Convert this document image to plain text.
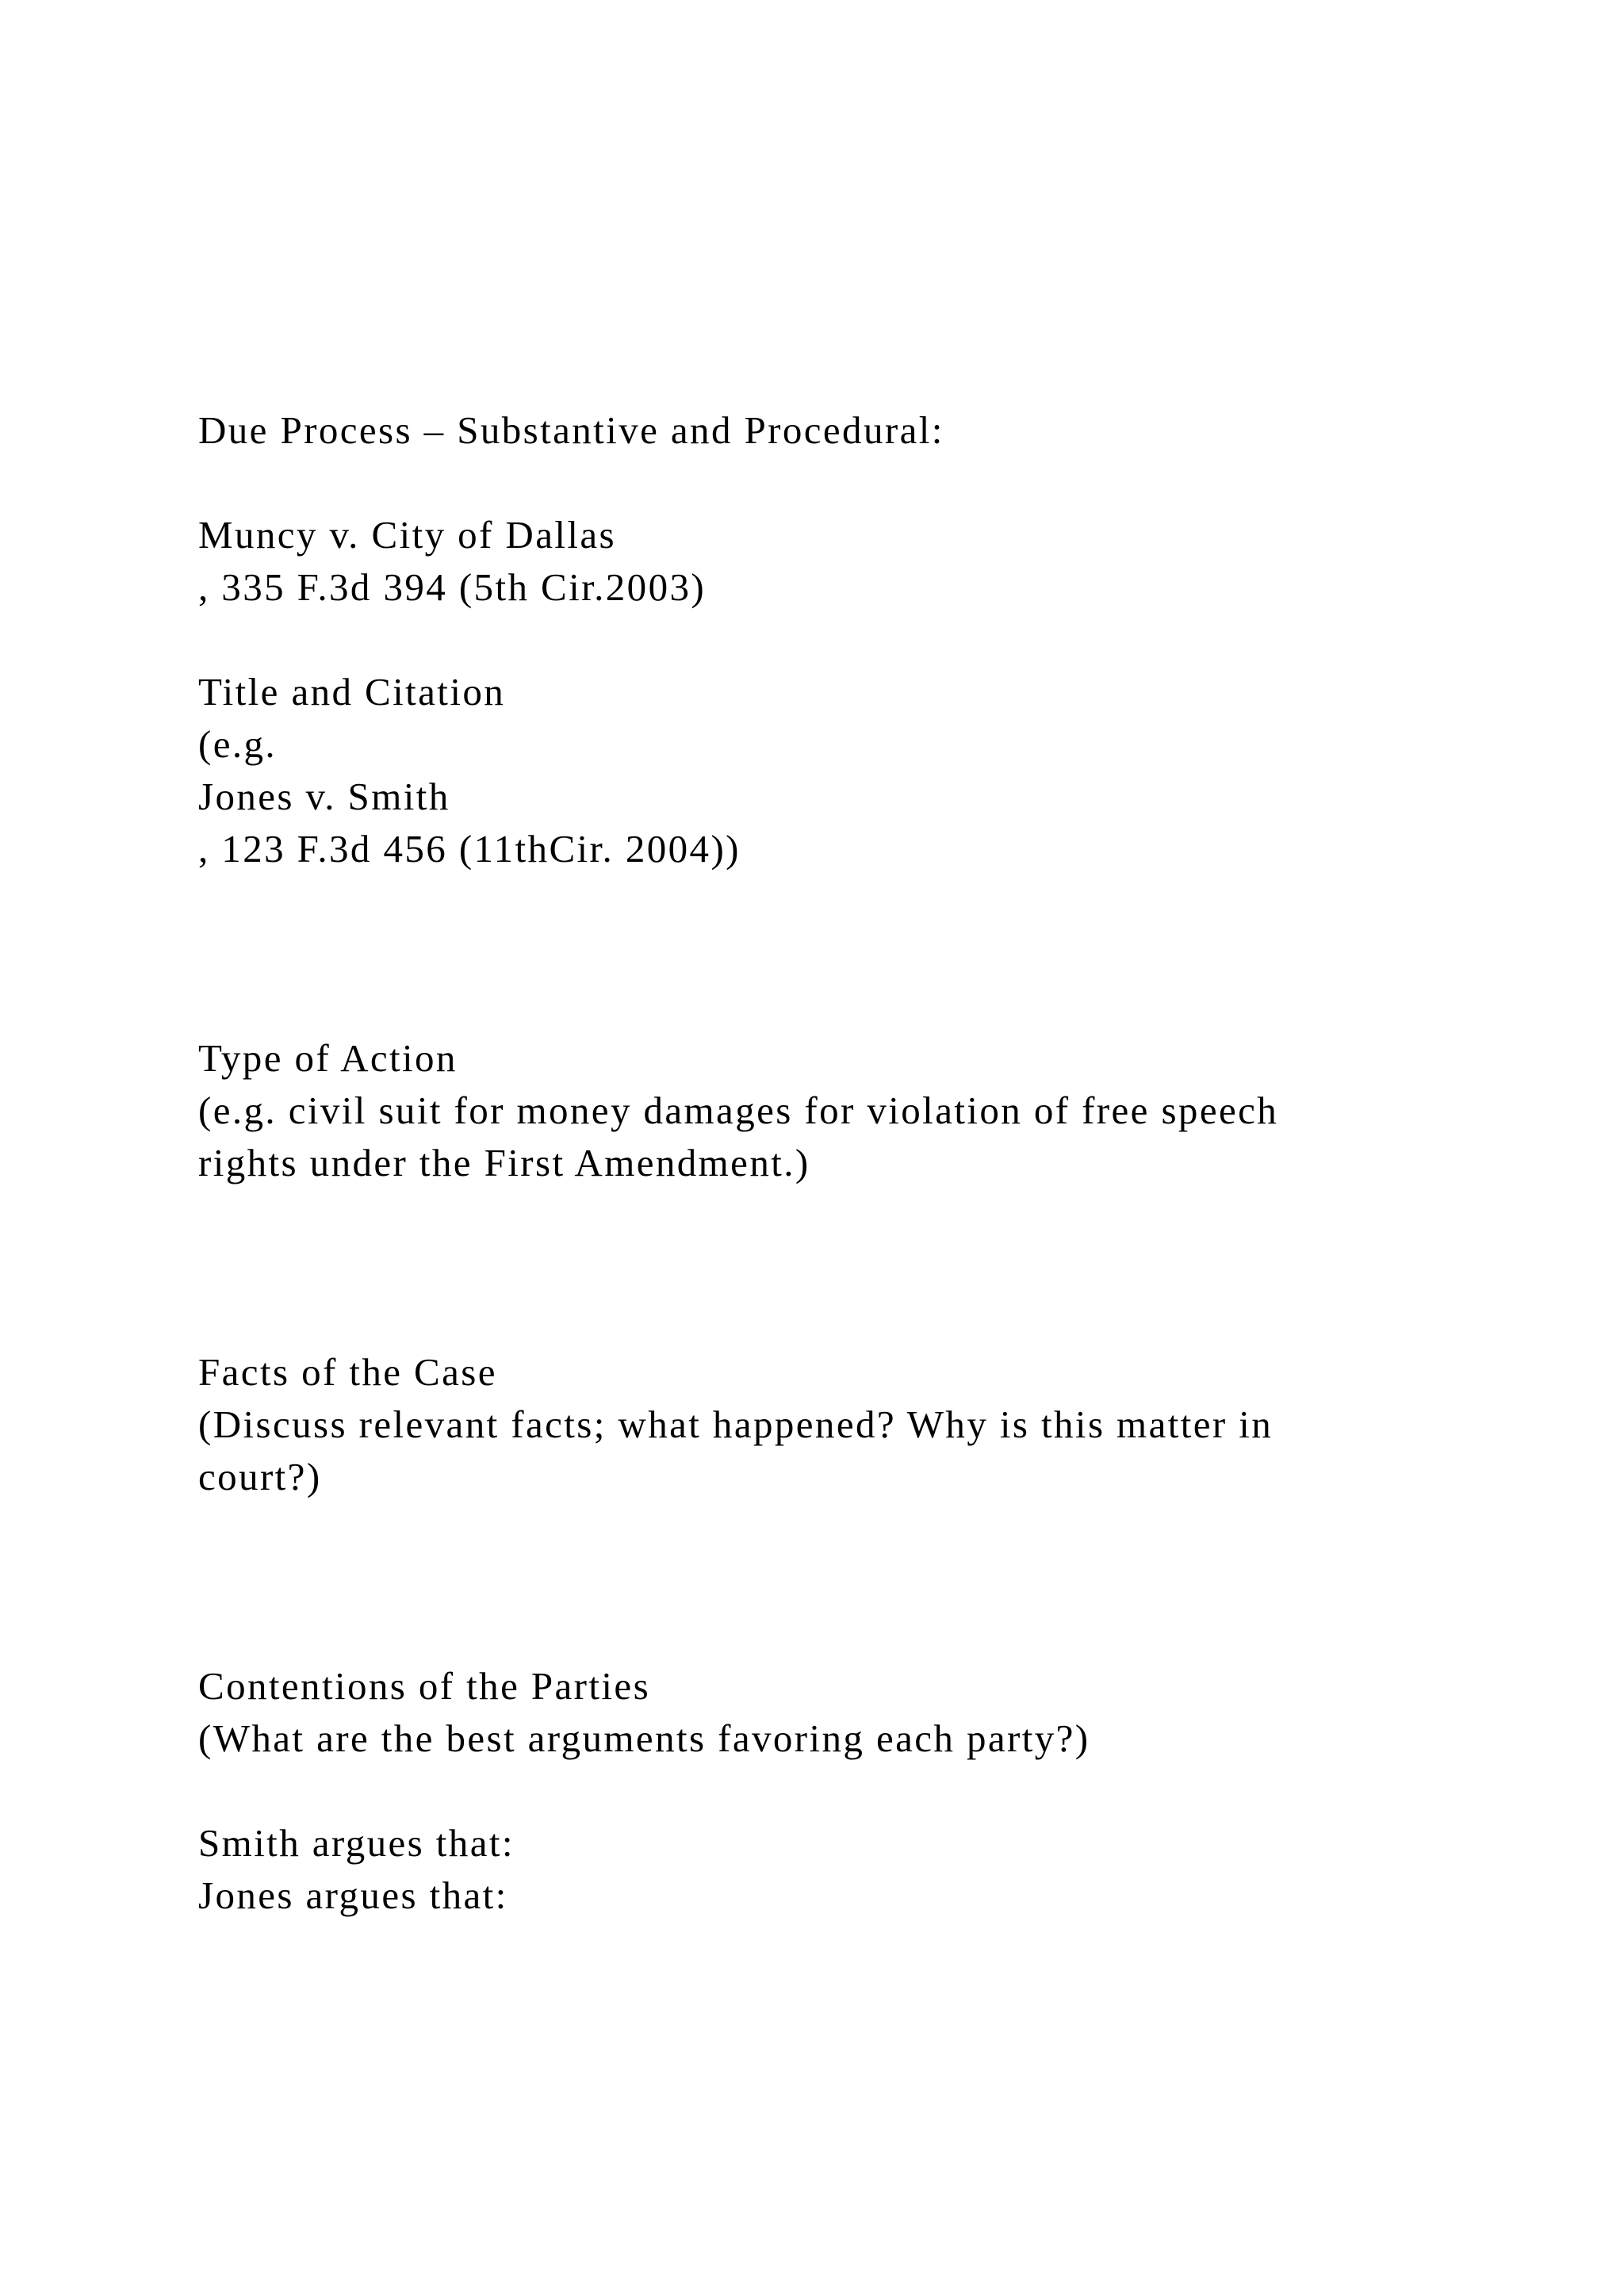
Due Process – Substantive and Procedural:

Muncy v. City of Dallas

, 335 F.3d 394 (5th Cir.2003)

Title and Citation

(e.g.

Jones v. Smith

, 123 F.3d 456 (11thCir. 2004))

Type of Action

(e.g. civil suit for money damages for violation of free speech

rights under the First Amendment.)

Facts of the Case

(Discuss relevant facts; what happened? Why is this matter in

court?)

Contentions of the Parties

(What are the best arguments favoring each party?)

Smith argues that:

Jones argues that:
